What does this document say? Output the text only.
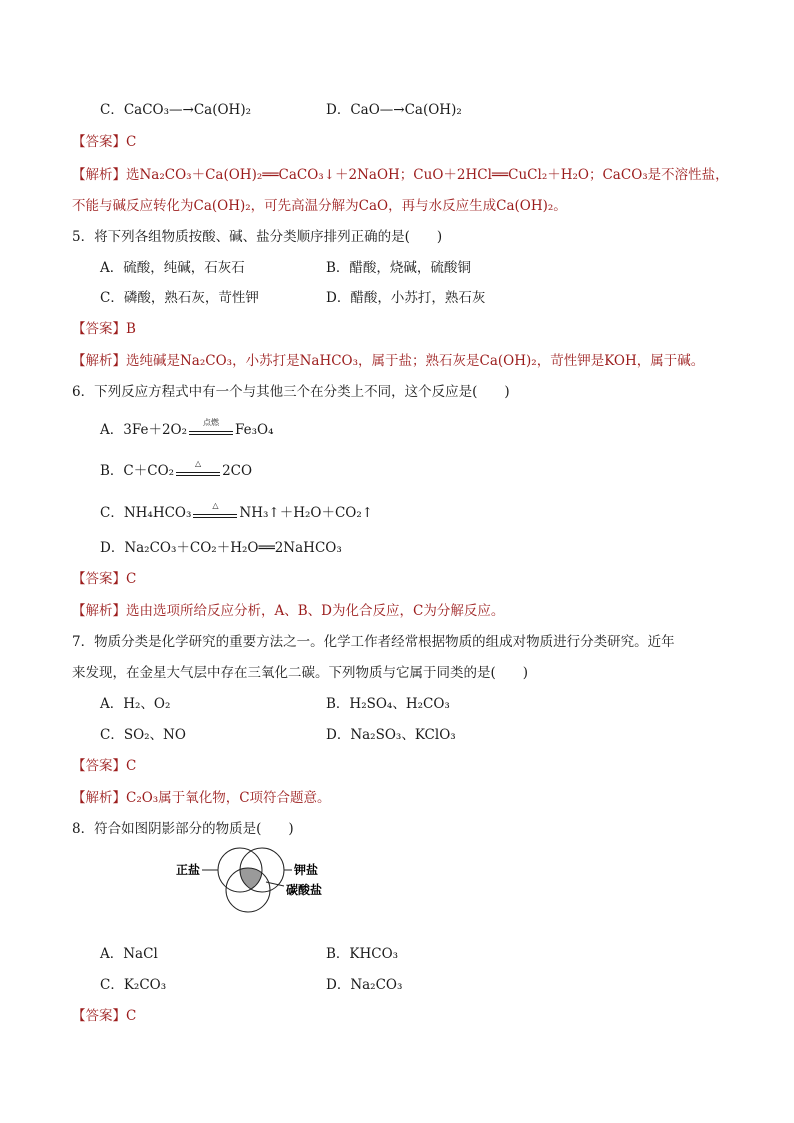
C．CaCO₃—→Ca(OH)₂	D．CaO—→Ca(OH)₂
【答案】C
【解析】选Na₂CO₃＋Ca(OH)₂══CaCO₃↓＋2NaOH；CuO＋2HCl══CuCl₂＋H₂O；CaCO₃是不溶性盐，
不能与碱反应转化为Ca(OH)₂，可先高温分解为CaO，再与水反应生成Ca(OH)₂。
5．将下列各组物质按酸、碱、盐分类顺序排列正确的是(　　)
A．硫酸，纯碱，石灰石	B．醋酸，烧碱，硫酸铜
C．磷酸，熟石灰，苛性钾	D．醋酸，小苏打，熟石灰
【答案】B
【解析】选纯碱是Na₂CO₃，小苏打是NaHCO₃，属于盐；熟石灰是Ca(OH)₂，苛性钾是KOH，属于碱。
6．下列反应方程式中有一个与其他三个在分类上不同，这个反应是(　　)
A．3Fe＋2O₂	点燃	Fe₃O₄
B．C＋CO₂	△	2CO
C．NH₄HCO₃	△	NH₃↑＋H₂O＋CO₂↑
D．Na₂CO₃＋CO₂＋H₂O══2NaHCO₃
【答案】C
【解析】选由选项所给反应分析，A、B、D为化合反应，C为分解反应。
7．物质分类是化学研究的重要方法之一。化学工作者经常根据物质的组成对物质进行分类研究。近年
来发现，在金星大气层中存在三氧化二碳。下列物质与它属于同类的是(　　)
A．H₂、O₂	B．H₂SO₄、H₂CO₃
C．SO₂、NO	D．Na₂SO₃、KClO₃
【答案】C
【解析】C₂O₃属于氧化物，C项符合题意。
8．符合如图阴影部分的物质是(　　)
正盐	钾盐
碳酸盐
A．NaCl	B．KHCO₃
C．K₂CO₃	D．Na₂CO₃
【答案】C
